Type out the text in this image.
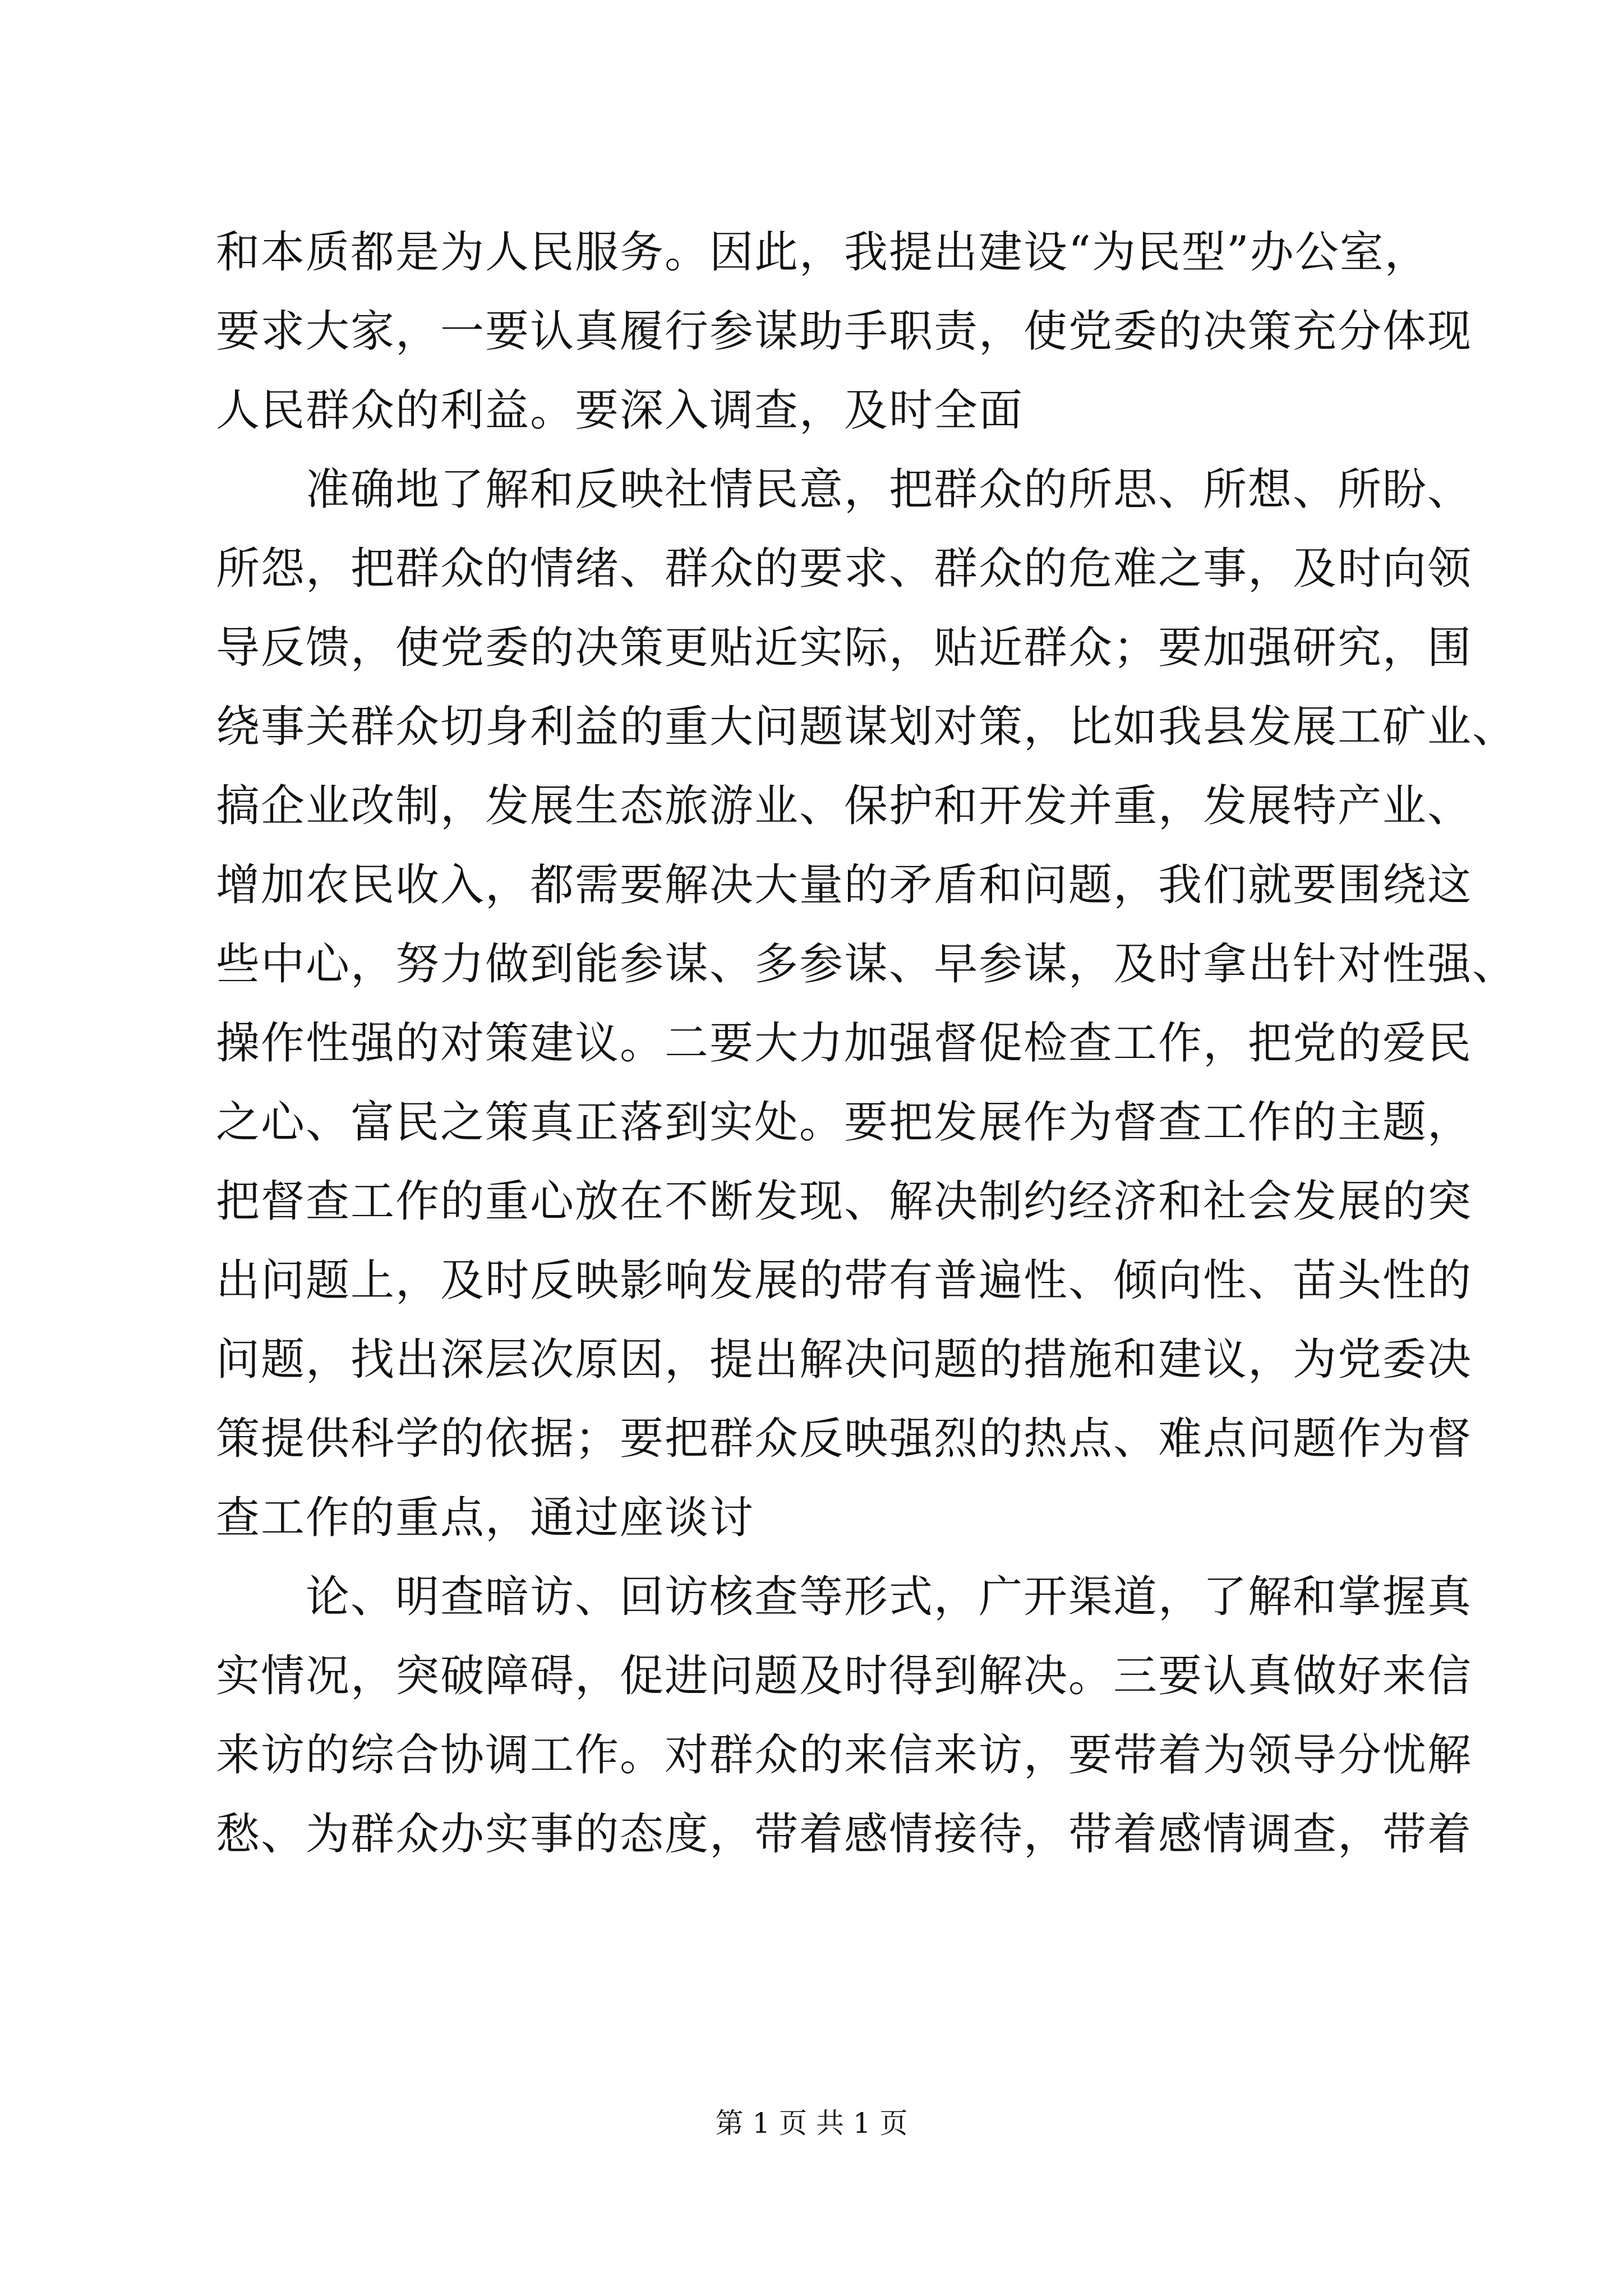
和本质都是为人民服务。因此，我提出建设“为民型”办公室，
要求大家，一要认真履行参谋助手职责，使党委的决策充分体现
人民群众的利益。要深入调查，及时全面
准确地了解和反映社情民意，把群众的所思、所想、所盼、
所怨，把群众的情绪、群众的要求、群众的危难之事，及时向领
导反馈，使党委的决策更贴近实际，贴近群众；要加强研究，围
绕事关群众切身利益的重大问题谋划对策，比如我县发展工矿业、
搞企业改制，发展生态旅游业、保护和开发并重，发展特产业、
增加农民收入，都需要解决大量的矛盾和问题，我们就要围绕这
些中心，努力做到能参谋、多参谋、早参谋，及时拿出针对性强、
操作性强的对策建议。二要大力加强督促检查工作，把党的爱民
之心、富民之策真正落到实处。要把发展作为督查工作的主题，
把督查工作的重心放在不断发现、解决制约经济和社会发展的突
出问题上，及时反映影响发展的带有普遍性、倾向性、苗头性的
问题，找出深层次原因，提出解决问题的措施和建议，为党委决
策提供科学的依据；要把群众反映强烈的热点、难点问题作为督
查工作的重点，通过座谈讨
论、明查暗访、回访核查等形式，广开渠道，了解和掌握真
实情况，突破障碍，促进问题及时得到解决。三要认真做好来信
来访的综合协调工作。对群众的来信来访，要带着为领导分忧解
愁、为群众办实事的态度，带着感情接待，带着感情调查，带着
第 1 页 共 1 页
